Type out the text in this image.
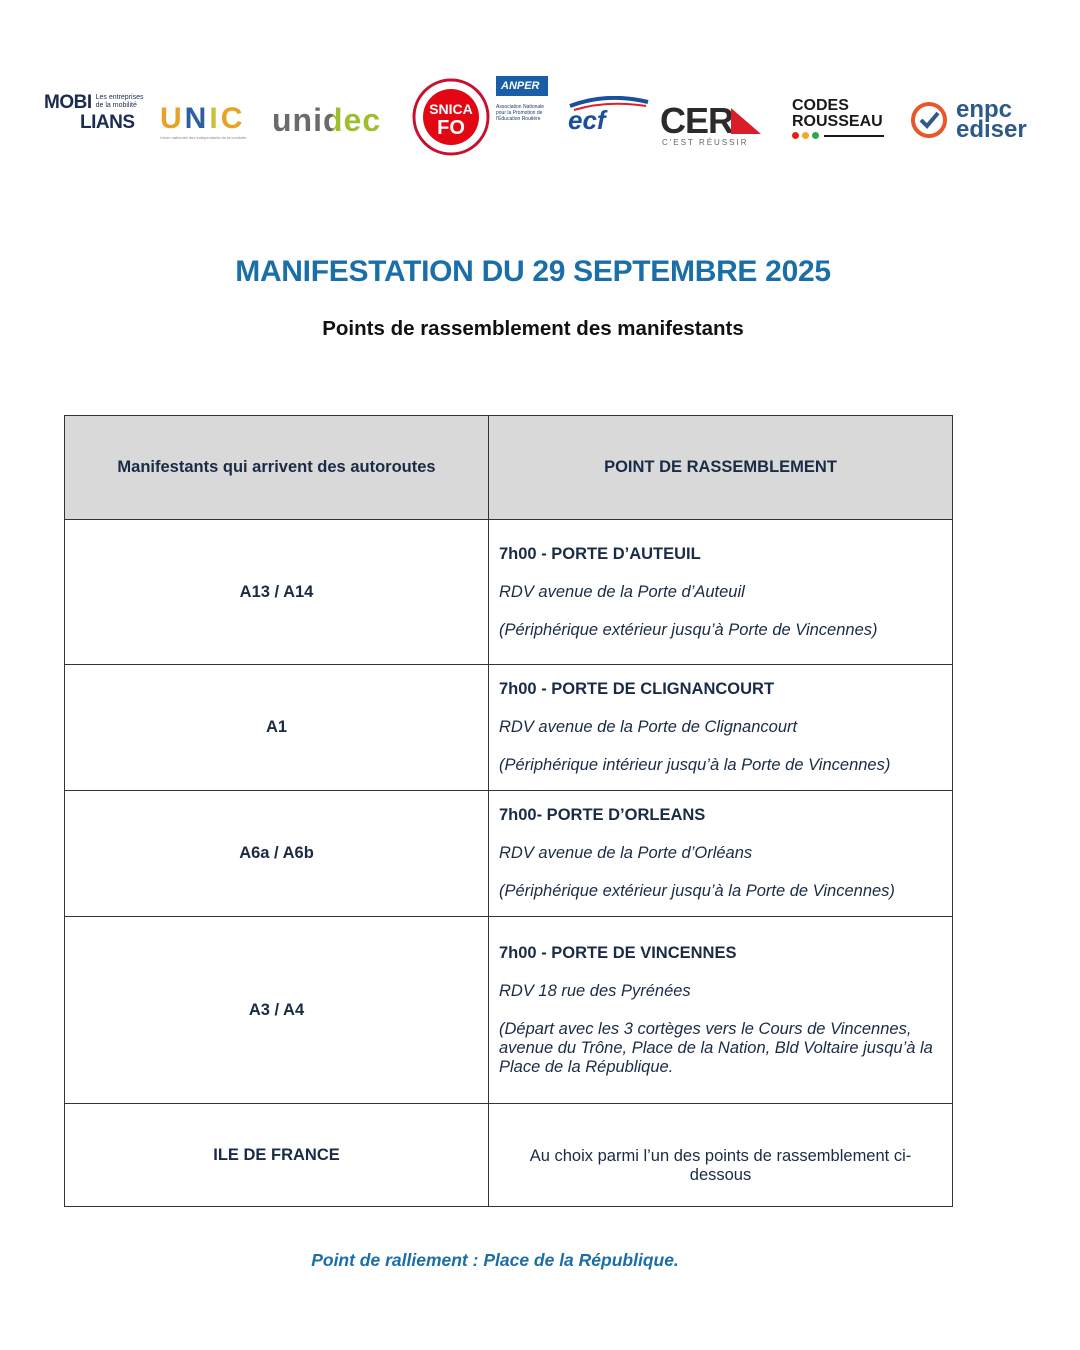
MOBI Les entreprises de la mobilité
LIANS UNIC
Union nationale des indépendants de la conduite unidec	SNICA
FO
ANPER
Association Nationale pour la Promotion de l'Éducation Routière	ecf CER
C'EST RÉUSSIR
CODES
ROUSSEAU	enpc
ediser
MANIFESTATION DU 29 SEPTEMBRE 2025
Points de rassemblement des manifestants
Manifestants qui arrivent des autoroutes	POINT DE RASSEMBLEMENT
A13 / A14	7h00 - PORTE D’AUTEUIL

RDV avenue de la Porte d’Auteuil

(Périphérique extérieur jusqu’à Porte de Vincennes)

A1	7h00 - PORTE DE CLIGNANCOURT

RDV avenue de la Porte de Clignancourt

(Périphérique intérieur jusqu’à la Porte de Vincennes)

A6a / A6b	7h00- PORTE D’ORLEANS

RDV avenue de la Porte d’Orléans

(Périphérique extérieur jusqu’à la Porte de Vincennes)

A3 / A4	7h00 - PORTE DE VINCENNES

RDV 18 rue des Pyrénées

(Départ avec les 3 cortèges vers le Cours de Vincennes, avenue du Trône, Place de la Nation, Bld Voltaire jusqu’à la Place de la République.

ILE DE FRANCE	Au choix parmi l’un des points de rassemblement ci-dessous
Point de ralliement : Place de la République.
